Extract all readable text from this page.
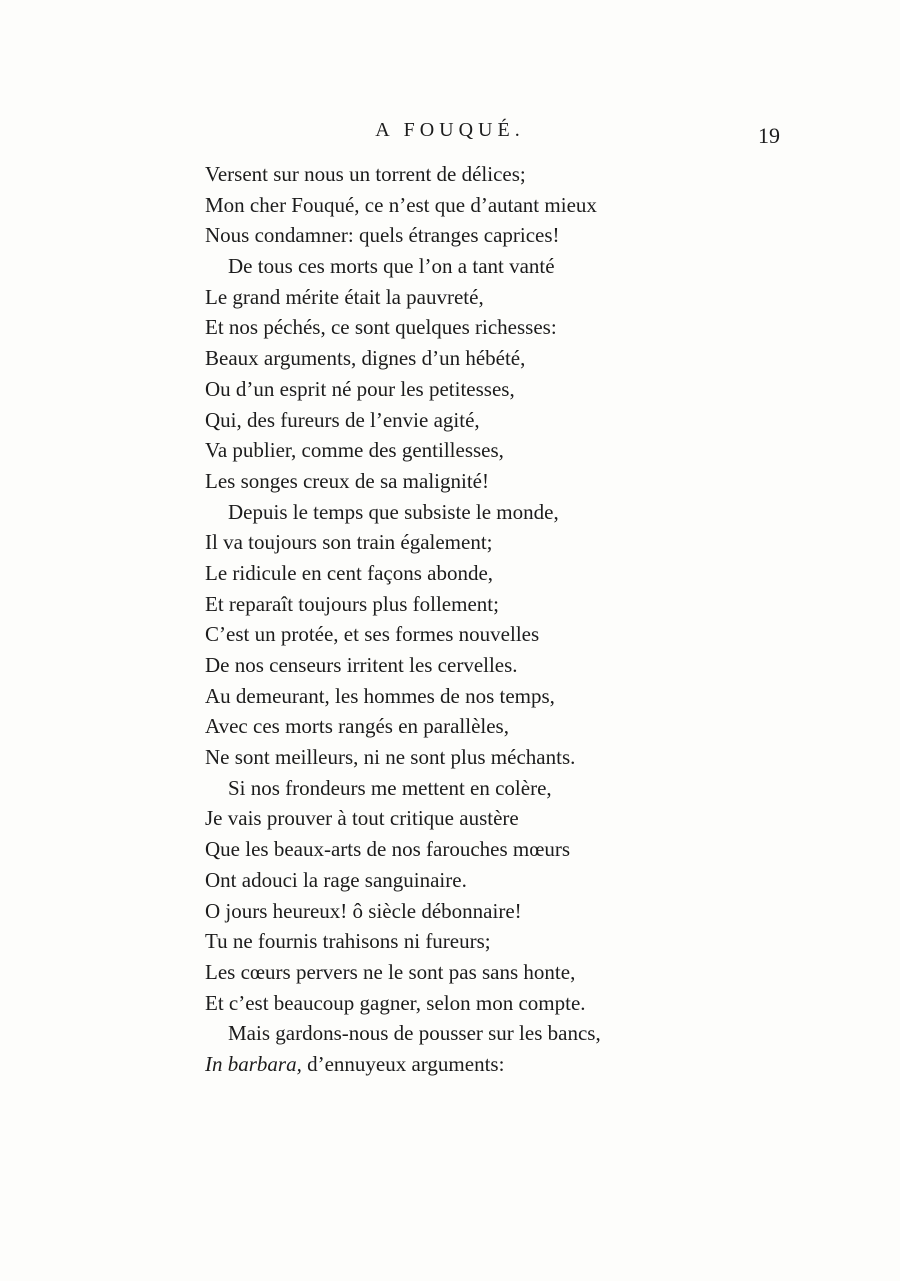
A FOUQUÉ.	19
Versent sur nous un torrent de délices;
Mon cher Fouqué, ce n’est que d’autant mieux
Nous condamner: quels étranges caprices!
De tous ces morts que l’on a tant vanté
Le grand mérite était la pauvreté,
Et nos péchés, ce sont quelques richesses:
Beaux arguments, dignes d’un hébété,
Ou d’un esprit né pour les petitesses,
Qui, des fureurs de l’envie agité,
Va publier, comme des gentillesses,
Les songes creux de sa malignité!
Depuis le temps que subsiste le monde,
Il va toujours son train également;
Le ridicule en cent façons abonde,
Et reparaît toujours plus follement;
C’est un protée, et ses formes nouvelles
De nos censeurs irritent les cervelles.
Au demeurant, les hommes de nos temps,
Avec ces morts rangés en parallèles,
Ne sont meilleurs, ni ne sont plus méchants.
Si nos frondeurs me mettent en colère,
Je vais prouver à tout critique austère
Que les beaux-arts de nos farouches mœurs
Ont adouci la rage sanguinaire.
O jours heureux! ô siècle débonnaire!
Tu ne fournis trahisons ni fureurs;
Les cœurs pervers ne le sont pas sans honte,
Et c’est beaucoup gagner, selon mon compte.
Mais gardons-nous de pousser sur les bancs,
In barbara, d’ennuyeux arguments:
